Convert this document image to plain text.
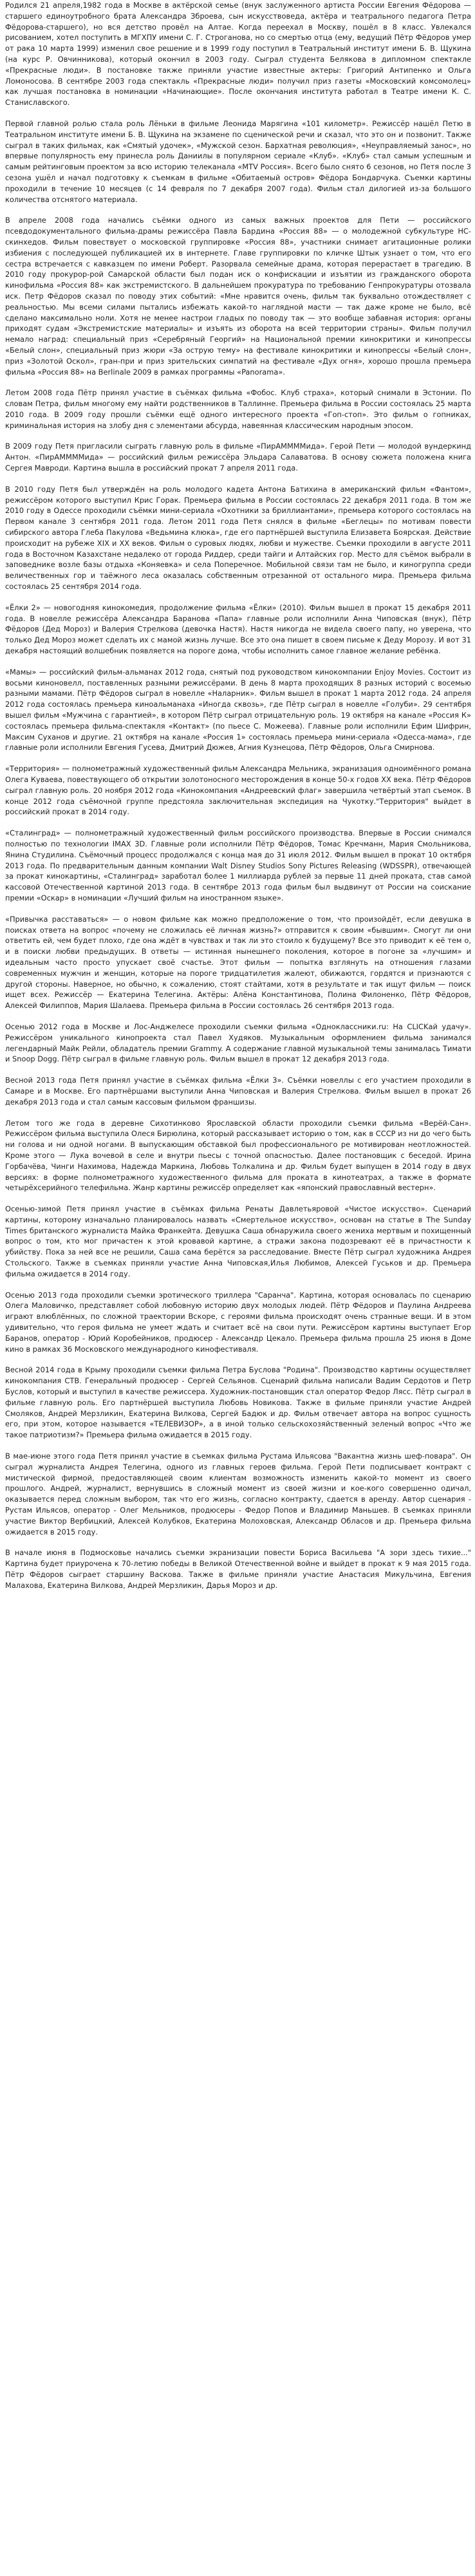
Родился 21 апреля,1982 года в Москве в актёрской семье (внук заслуженного артиста России Евгения Фёдорова — старшего единоутробного брата Александра Зброева, сын искусствоведа, актёра и театрального педагога Петра Фёдорова-старшего), но вся детство провёл на Алтае. Когда переехал в Москву, пошёл в 8 класс. Увлекался рисованием, хотел поступить в МГХПУ имени С. Г. Строганова, но со смертью отца (ему, ведущий Пётр Фёдоров умер от рака 10 марта 1999) изменил свое решение и в 1999 году поступил в Театральный институт имени Б. В. Щукина (на курс Р. Овчинникова), который окончил в 2003 году. Сыграл студента Белякова в дипломном спектакле «Прекрасные люди». В постановке также приняли участие известные актеры: Григорий Антипенко и Ольга Ломоносова. В сентябре 2003 года спектакль «Прекрасные люди» получил приз газеты «Московский комсомолец» как лучшая постановка в номинации «Начинающие». После окончания института работал в Театре имени К. С. Станиславского.

Первой главной ролью стала роль Лёньки в фильме Леонида Марягина «101 километр». Режиссёр нашёл Петю в Театральном институте имени Б. В. Щукина на экзамене по сценической речи и сказал, что это он и позвонит. Также сыграл в таких фильмах, как «Смятый удочек», «Мужской сезон. Бархатная революция», «Неуправляемый занос», но впервые популярность ему принесла роль Даниилы в популярном сериале «Клуб». «Клуб» стал самым успешным и самым рейтинговым проектом за всю историю телеканала «МТV Россия». Всего было снято 6 сезонов, но Петя после 3 сезона ушёл и начал подготовку к съемкам в фильме «Обитаемый остров» Фёдора Бондарчука. Съемки картины проходили в течение 10 месяцев (с 14 февраля по 7 декабря 2007 года). Фильм стал дилогией из-за большого количества отснятого материала.

В апреле 2008 года начались съёмки одного из самых важных проектов для Пети — российского псевдодокументального фильма-драмы режиссёра Павла Бардина «Россия 88» — о молодежной субкультуре НС-скинхедов. Фильм повествует о московской группировке «Россия 88», участники снимает агитационные ролики избиения с последующей публикацией их в интернете. Главе группировки по кличке Штык узнает о том, что его сестра встречается с кавказцем по имени Роберт. Разорвала семейные драма, которая перерастает в трагедию. В 2010 году прокурор-рой Самарской области был подан иск о конфискации и изъятии из гражданского оборота кинофильма «Россия 88» как экстремистского. В дальнейшем прокуратура по требованию Генпрокуратуры отозвала иск. Петр Фёдоров сказал по поводу этих событий: «Мне нравится очень, фильм так буквально отождествляет с реальностью. Мы всеми силами пытались избежать какой-то наглядной масти — так даже кроме не было, всё сделано максимально ноли. Хотя не менее настрои гладых по поводу так — это вообще забавная история: органы приходят судам «Экстремистские материалы» и изъять из оборота на всей территории страны». Фильм получил немало наград: специальный приз «Серебряный Георгий» на Национальной премии кинокритики и кинопрессы «Белый слон», специальный приз жюри «За острую тему» на фестивале кинокритики и кинопрессы «Белый слон», приз «Золотой Оскол», гран-при и приз зрительских симпатий на фестивале «Дух огня», хорошо прошла премьера фильма «Россия 88» на Berlinale 2009 в рамках программы «Panorama».

Летом 2008 года Пётр принял участие в съёмках фильма «Фобос. Клуб страха», который снимали в Эстонии. По словам Петра, фильм многому ему найти родственников в Таллинне. Премьера фильма в России состоялась 25 марта 2010 года. В 2009 году прошли съёмки ещё одного интересного проекта «Гоп-стоп». Это фильм о гопниках, криминальная история на злобу дня с элементами абсурда, навеянная классическим народным эпосом.

В 2009 году Петя пригласили сыграть главную роль в фильме «ПирАММММида». Герой Пети — молодой вундеркинд Антон. «ПирАММММида» — российский фильм режиссёра Эльдара Салаватова. В основу сюжета положена книга Сергея Мавроди. Картина вышла в российский прокат 7 апреля 2011 года.

В 2010 году Петя был утверждён на роль молодого кадета Антона Батихина в американский фильм «Фантом», режиссёром которого выступил Крис Горак. Премьера фильма в России состоялась 22 декабря 2011 года. В том же 2010 году в Одессе проходили съёмки мини-сериала «Охотники за бриллиантами», премьера которого состоялась на Первом канале 3 сентября 2011 года. Летом 2011 года Петя снялся в фильме «Беглецы» по мотивам повести сибирского автора Глеба Пакулова «Ведьмина клюка», где его партнёршей выступила Елизавета Боярская. Действие происходит на рубеже XIX и XX веков. Фильм о суровых людях, любви и мужестве. Съемки проходили в августе 2011 года в Восточном Казахстане недалеко от города Риддер, среди тайги и Алтайских гор. Место для съёмок выбрали в заповеднике возле базы отдыха «Коняевка» и села Поперечное. Мобильной связи там не было, и киногруппа среди величественных гор и таёжного леса оказалась собственным отрезанной от остального мира. Премьера фильма состоялась 25 сентября 2014 года.

«Ёлки 2» — новогодняя кинокомедия, продолжение фильма «Ёлки» (2010). Фильм вышел в прокат 15 декабря 2011 года. В новелле режиссёра Александра Баранова «Папа» главные роли исполнили Анна Чиповская (внук), Пётр Фёдоров (Дед Мороз) и Валерия Стрелкова (девочка Настя). Настя никогда не видела своего папу, но уверена, что только Дед Мороз может сделать их с мамой жизнь лучше. Все это она пишет в своем письме к Деду Морозу. И вот 31 декабря настоящий волшебник появляется на пороге дома, чтобы исполнить самое главное желание ребёнка.

«Мамы» — российский фильм-альманах 2012 года, снятый под руководством кинокомпании Enjoy Movies. Состоит из восьми киноновелл, поставленных разными режиссёрами. В день 8 марта проходящих 8 разных историй с восемью разными мамами. Пётр Фёдоров сыграл в новелле «Наларник». Фильм вышел в прокат 1 марта 2012 года. 24 апреля 2012 года состоялась премьера киноальманаха «Иногда сквозь», где Пётр сыграл в новелле «Голуби». 29 сентября вышел фильм «Мужчина с гарантией», в котором Пётр сыграл отрицательную роль. 19 октября на канале «Россия К» состоялась премьера фильма-спектакля «Контакт» (по пьесе С. Можеева). Главные роли исполнили Ефим Шифрин, Максим Суханов и другие. 21 октября на канале «Россия 1» состоялась премьера мини-сериала «Одесса-мама», где главные роли исполнили Евгения Гусева, Дмитрий Дюжев, Агния Кузнецова, Пётр Фёдоров, Ольга Смирнова.

«Территория» — полнометражный художественный фильм Александра Мельника, экранизация одноимённого романа Олега Куваева, повествующего об открытии золотоносного месторождения в конце 50-х годов XX века. Пётр Фёдоров сыграл главную роль. 20 ноября 2012 года «Кинокомпания «Андреевский флаг» завершила четвёртый этап съемок. В конце 2012 года съёмочной группе предстояла заключительная экспедиция на Чукотку."Территория" выйдет в российский прокат в 2014 году.

«Сталинград» — полнометражный художественный фильм российского производства. Впервые в России снимался полностью по технологии IMAX 3D. Главные роли исполнили Пётр Фёдоров, Томас Кречманн, Мария Смольникова, Янина Студилина. Съёмочный процесс продолжался с конца мая до 31 июля 2012. Фильм вышел в прокат 10 октября 2013 года. По предварительным данным компании Walt Disney Studios Sony Pictures Releasing (WDSSPR), отвечающей за прокат кинокартины, «Сталинград» заработал более 1 миллиарда рублей за первые 11 дней проката, став самой кассовой Отечественной картиной 2013 года. В сентябре 2013 года фильм был выдвинут от России на соискание премии «Оскар» в номинации «Лучший фильм на иностранном языке».

«Привычка расставаться» — о новом фильме как можно предположение о том, что произойдёт, если девушка в поисках ответа на вопрос «почему не сложилась её личная жизнь?» отправится к своим «бывшим». Смогут ли они ответить ей, чем будет плохо, где она ждёт в чувствах и так ли это стоило к будущему? Все это приводит к её тем о, и в поиски любви предыдущих. В ответы — истинная нынешнего поколения, которое в погоне за «лучшим» и идеальным часто просто упускает своё счастье. Этот фильм — попытка взглянуть на отношения глазами современных мужчин и женщин, которые на пороге тридцатилетия жалеют, обижаются, гордятся и признаются с другой стороны. Наверное, но обычно, к сожалению, стоят стайтами, хотя в результате и так ищут фильм — поиск ищет всех. Режиссёр — Екатерина Телегина. Актёры: Алёна Константинова, Полина Филоненко, Пётр Фёдоров, Алексей Филиппов, Мария Шалаева. Премьера фильма в России состоялась 26 сентября 2013 года.

Осенью 2012 года в Москве и Лос-Анджелесе проходили съемки фильма «Одноклассники.ru: На CLICKай удачу». Режиссёром уникального кинопроекта стал Павел Худяков. Музыкальным оформлением фильма занимался легендарный Майк Рейли, обладатель премии Grammy. А содержание главной музыкальной темы занималась Тимати и Snoop Dogg. Пётр сыграл в фильме главную роль. Фильм вышел в прокат 12 декабря 2013 года.

Весной 2013 года Петя принял участие в съёмках фильма «Ёлки 3». Съёмки новеллы с его участием проходили в Самаре и в Москве. Его партнёршами выступили Анна Чиповская и Валерия Стрелкова. Фильм вышел в прокат 26 декабря 2013 года и стал самым кассовым фильмом франшизы.

Летом того же года в деревне Сихотинково Ярославской области проходили съемки фильма «Верёй-Сан». Режиссёром фильма выступила Олеся Бирюлина, который рассказывает историю о том, как в СССР из ни до чего быть ни голова и ни одной ногами. В выпускающим обставкой был профессионального ре мотивирован неотложностей. Кроме этого — Лука вочевой в селе и внутри пьесы с точной опасностью. Далее постановщик с беседой. Ирина Горбачёва, Чинги Нахимова, Надежда Маркина, Любовь Толкалина и др. Фильм будет выпущен в 2014 году в двух версиях: в форме полнометражного художественного фильма для проката в кинотеатрах, а также в формате четырёхсерийного телефильма. Жанр картины режиссёр определяет как «японский православный вестерн».

Осенью-зимой Петя принял участие в съёмках фильма Ренаты Давлетьяровой «Чистое искусство». Сценарий картины, которому изначально планировалось назвать «Смертельное искусство», основан на статье в The Sunday Times британского журналиста Майка Франкейта. Девушка Саша обнаружила своего жениха мертвым и похищенный вопрос о том, кто мог причастен к этой кровавой картине, а стражи закона подозревают её в причастности к убийству. Пока за ней все не решили, Саша сама берётся за расследование. Вместе Пётр сыграл художника Андрея Стольского. Также в съемках приняли участие Анна Чиповская,Илья Любимов, Алексей Гуськов и др. Премьера фильма ожидается в 2014 году.

Осенью 2013 года проходили съемки эротического триллера "Саранча". Картина, которая основалась по сценарию Олега Маловичко, представляет собой любовную историю двух молодых людей. Пётр Фёдоров и Паулина Андреева играют влюблённых, по сложной траектории Вскоре, с героями фильма происходят очень странные вещи. И в этом удивительно, что героя фильма не умеет ждать и считает всё на свои пути. Режиссёром картины выступает Егор Баранов, оператор - Юрий Коробейников, продюсер - Александр Цекало. Премьера фильма прошла 25 июня в Доме кино в рамках 36 Московского международного кинофестиваля.

Весной 2014 года в Крыму проходили съемки фильма Петра Буслова "Родина". Производство картины осуществляет кинокомпания СТВ. Генеральный продюсер - Сергей Сельянов. Сценарий фильма написали Вадим Сердотов и Петр Буслов, который и выступил в качестве режиссера. Художник-постановщик стал оператор Федор Лясс. Пётр сыграл в фильме главную роль. Его партнёршей выступила Любовь Новикова. Также в фильме приняли участие Андрей Смоляков, Андрей Мерзликин, Екатерина Вилкова, Сергей Бадюк и др. Фильм отвечает автора на вопрос сущность его, при этом, которое называется «ТЕЛЕВИЗОР», а в иной только сельскохозяйственный зеленый вопрос «Что же такое патриотизм?» Премьера фильма ожидается в 2015 году.

В мае-июне этого года Петя принял участие в съемках фильма Рустама Ильясова "Вакантна жизнь шеф-повара". Он сыграл журналиста Андрея Телегина, одного из главных героев фильма. Герой Пети подписывает контракт с мистической фирмой, предоставляющей своим клиентам возможность изменить какой-то момент из своего прошлого. Андрей, журналист, вернувшись в сложный момент из своей жизни и кое-кого совершенно одичал, оказывается перед сложным выбором, так что его жизнь, согласно контракту, сдается в аренду. Автор сценария - Рустам Ильясов, оператор - Олег Мельников, продюсеры - Федор Попов и Владимир Маньшев. В съемках приняли участие Виктор Вербицкий, Алексей Колубков, Екатерина Молоховская, Александр Обласов и др. Премьера фильма ожидается в 2015 году.

В начале июня в Подмосковье начались съемки экранизации повести Бориса Васильева "А зори здесь тихие..." Картина будет приурочена к 70-летию победы в Великой Отечественной войне и выйдет в прокат к 9 мая 2015 года. Пётр Фёдоров сыграет старшину Васкова. Также в фильме приняли участие Анастасия Микульчина, Евгения Малахова, Екатерина Вилкова, Андрей Мерзликин, Дарья Мороз и др.
